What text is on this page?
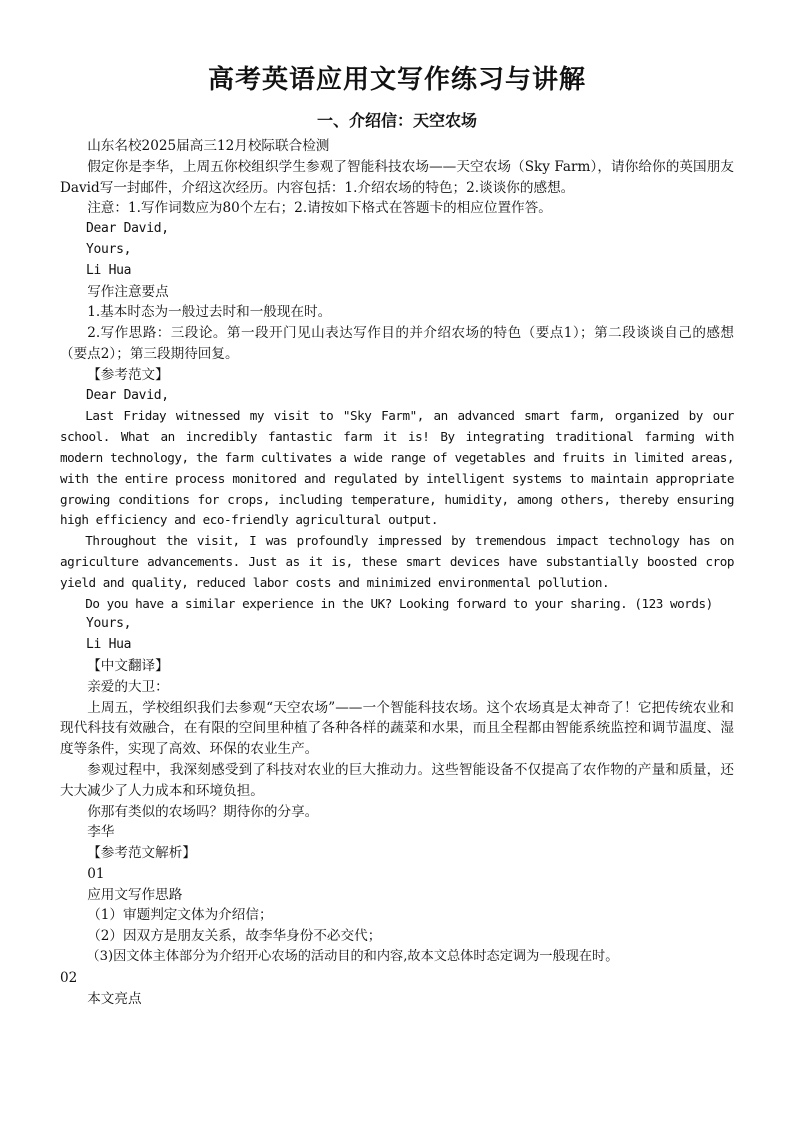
高考英语应用文写作练习与讲解
一、介绍信：天空农场

山东名校2025届高三12月校际联合检测

假定你是李华，上周五你校组织学生参观了智能科技农场——天空农场（Sky Farm），请你给你的英国朋友David写一封邮件，介绍这次经历。内容包括：1.介绍农场的特色；2.谈谈你的感想。

注意：1.写作词数应为80个左右；2.请按如下格式在答题卡的相应位置作答。

Dear David,

Yours,

Li Hua

写作注意要点

1.基本时态为一般过去时和一般现在时。

2.写作思路：三段论。第一段开门见山表达写作目的并介绍农场的特色（要点1）；第二段谈谈自己的感想（要点2）；第三段期待回复。

【参考范文】

Dear David,

Last Friday witnessed my visit to "Sky Farm", an advanced smart farm, organized by our school. What an incredibly fantastic farm it is! By integrating traditional farming with modern technology, the farm cultivates a wide range of vegetables and fruits in limited areas, with the entire process monitored and regulated by intelligent systems to maintain appropriate growing conditions for crops, including temperature, humidity, among others, thereby ensuring high efficiency and eco-friendly agricultural output.

Throughout the visit, I was profoundly impressed by tremendous impact technology has on agriculture advancements. Just as it is, these smart devices have substantially boosted crop yield and quality, reduced labor costs and minimized environmental pollution.

Do you have a similar experience in the UK? Looking forward to your sharing. (123 words)

Yours,

Li Hua

【中文翻译】

亲爱的大卫：

上周五，学校组织我们去参观“天空农场”——一个智能科技农场。这个农场真是太神奇了！它把传统农业和现代科技有效融合，在有限的空间里种植了各种各样的蔬菜和水果，而且全程都由智能系统监控和调节温度、湿度等条件，实现了高效、环保的农业生产。

参观过程中，我深刻感受到了科技对农业的巨大推动力。这些智能设备不仅提高了农作物的产量和质量，还大大减少了人力成本和环境负担。

你那有类似的农场吗？期待你的分享。

李华

【参考范文解析】

01

应用文写作思路

（1）审题判定文体为介绍信；

（2）因双方是朋友关系，故李华身份不必交代；

（3)因文体主体部分为介绍开心农场的活动目的和内容,故本文总体时态定调为一般现在时。

02

本文亮点
